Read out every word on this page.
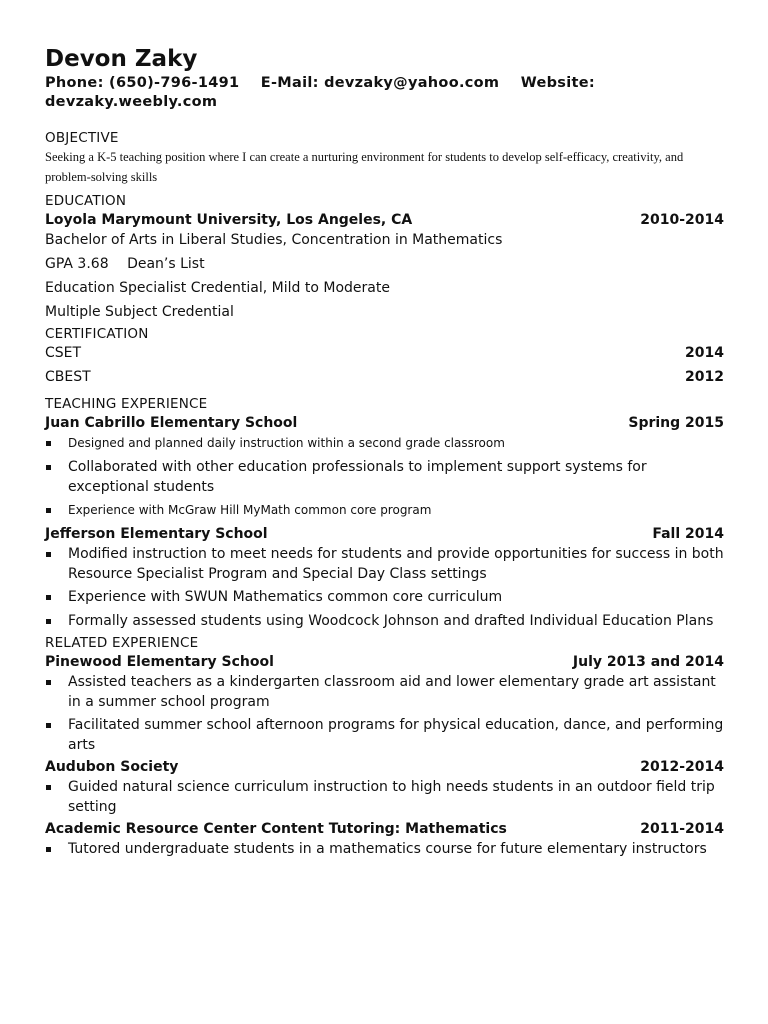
Devon Zaky
Phone: (650)-796-1491 E-Mail: devzaky@yahoo.com Website:
devzaky.weebly.com
OBJECTIVE
Seeking a K-5 teaching position where I can create a nurturing environment for students to develop self-efficacy, creativity, and problem-solving skills
EDUCATION
Loyola Marymount University, Los Angeles, CA	2010-2014
Bachelor of Arts in Liberal Studies, Concentration in Mathematics
GPA 3.68 Dean’s List
Education Specialist Credential, Mild to Moderate
Multiple Subject Credential
CERTIFICATION
CSET	2014
CBEST	2012
TEACHING EXPERIENCE
Juan Cabrillo Elementary School	Spring 2015
Designed and planned daily instruction within a second grade classroom
Collaborated with other education professionals to implement support systems for exceptional students
Experience with McGraw Hill MyMath common core program
Jefferson Elementary School	Fall 2014
Modified instruction to meet needs for students and provide opportunities for success in both Resource Specialist Program and Special Day Class settings
Experience with SWUN Mathematics common core curriculum
Formally assessed students using Woodcock Johnson and drafted Individual Education Plans
RELATED EXPERIENCE
Pinewood Elementary School	July 2013 and 2014
Assisted teachers as a kindergarten classroom aid and lower elementary grade art assistant in a summer school program
Facilitated summer school afternoon programs for physical education, dance, and performing arts
Audubon Society	2012-2014
Guided natural science curriculum instruction to high needs students in an outdoor field trip setting
Academic Resource Center Content Tutoring: Mathematics	2011-2014
Tutored undergraduate students in a mathematics course for future elementary instructors
